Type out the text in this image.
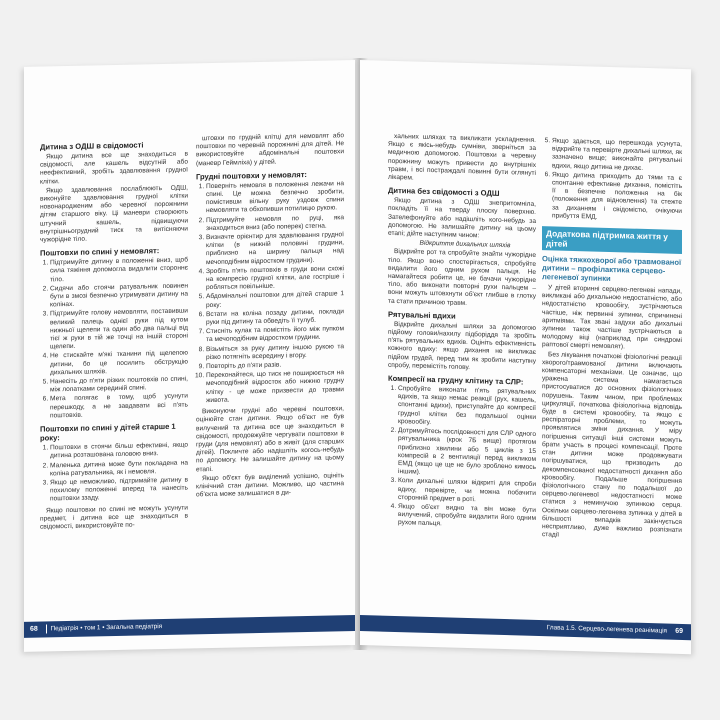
Дитина з ОДШ в свідомості

Якщо дитина все ще знаходиться в свідомості, але кашель відсутній або неефективний, зробіть здавлювання грудної клітки.

Якщо здавлювання послаблюють ОДШ, виконуйте здавлювання грудної клітки новонародженим або черевної порожнини дітям старшого віку. Ці маневри створюють штучний кашель, підвищуючи внутрішньогрудний тиск та витісняючи чужорідне тіло.

Поштовхи по спині у немовлят:
1. Підтримуйте дитину в положенні вниз, щоб сила тяжіння допомогла видалити стороннє тіло.
2. Сидячи або стоячи ратувальник повинен бути в змозі безпечно утримувати дитину на колінах.
3. Підтримуйте голову немовляти, поставивши великий палець однієї руки під кутом нижньої щелепи та один або два пальці від тієї ж руки в тій же точці на іншій стороні щелепи.
4. Не стискайте м'які тканини під щелепою дитини, бо це посилить обструкцію дихальних шляхів.
5. Нанесіть до п'яти різких поштовхів по спині, між лопатками серединій спині.
6. Мета полягає в тому, щоб усунути перешкоду, а не завдавати всі п'ять поштовхів.
Поштовхи по спині у дітей старше 1 року:
1. Поштовхи в стоячи більш ефективні, якщо дитина розташована головою вниз.
2. Маленька дитина може бути покладена на коліна ратувальника, як і немовля.
3. Якщо це неможливо, підтримайте дитину в похилому положенні вперед та нанесіть поштовхи ззаду.

Якщо поштовхи по спині не можуть усунути предмет, і дитина все ще знаходиться в свідомості, використовуйте по-

штовхи по грудній клітці для немовлят або поштовхи по черевній порожнині для дітей. Не використовуйте абдомінальні поштовхи (маневр Геймліха) у дітей.

Грудні поштовхи у немовлят:
1. Поверніть немовля в положення лежачи на спині. Це можна безпечно зробити, помістивши вільну руку уздовж спини немовляти та обхопивши потилицю рукою.
2. Підтримуйте немовля по руці, яка знаходиться вниз (або поперек) стегна.
3. Визначте орієнтир для здавлювання грудної клітки (в нижній половині грудини, приблизно на ширину пальця над мечоподібним відростком грудини).
4. Зробіть п'ять поштовхів в груди вони схожі на компресію грудної клітки, але гостріше і робляться повільніше.
5. Абдомінальні поштовхи для дітей старше 1 року:
6. Встати на коліна позаду дитини, поклади руки під дитину та обведіть її тулуб.
7. Стисніть кулак та помістіть його між пупком та мечоподібним відростком грудини.
8. Візьміться за руку дитину іншою рукою та різко потягніть всередину і вгору.
9. Повторіть до п'яти разів.
10. Переконайтеся, що тиск не поширюється на мечоподібний відросток або нижню грудну клітку - це може призвести до травми живота.

Виконуючи грудні або черевні поштовхи, оцінюйте стан дитини. Якщо об'єкт не був вилучений та дитина все ще знаходиться в свідомості, продовжуйте чергувати поштовхи в груди (для немовлят) або в живіт (для старших дітей). Покличте або надішліть когось-небудь по допомогу. Не залишайте дитину на цьому етапі.

Якщо об'єкт був виділений успішно, оцініть клінічний стан дитини. Можливо, що частина об'єкта може залишатися в ди-

68 Педіатрія • том 1 • Загальна педіатрія

хальних шляхах та викликати ускладнення. Якщо є якісь-небудь сумніви, зверніться за медичною допомогою. Поштовхи в черевну порожнину можуть привести до внутрішніх травм, і всі постраждалі повинні бути оглянуті лікарем.

Дитина без свідомості з ОДШ

Якщо дитина з ОДШ знепритомніла, покладіть її на тверду плоску поверхню. Зателефонуйте або надішліть кого-небудь за допомогою. Не залишайте дитину на цьому етапі; дійте наступним чином:

Відкриття дихальних шляхів

Відкрийте рот та спробуйте знайти чужорідне тіло. Якщо воно спостерігається, спробуйте видалити його одним рухом пальця. Не намагайтеся робити це, не бачачи чужорідне тіло, або виконати повторні рухи пальцем – вони можуть штовхнути об'єкт глибше в глотку та стати причиною травм.

Рятувальні вдихи

Відкрийте дихальні шляхи за допомогою підйому голови/нахилу підборіддя та зробіть п'ять рятувальних вдихів. Оцініть ефективність кожного вдиху: якщо дихання не викликає підйом грудей, перед тим як зробити наступну спробу, перемістіть голову.

Компресії на грудну клітину та СЛР:
1. Спробуйте виконати п'ять рятувальних вдихів, та якщо немає реакції (рух, кашель, спонтанні вдихи), приступайте до компресії грудної клітки без подальшої оцінки кровообігу.
2. Дотримуйтесь послідовності для СЛР одного рятувальника (крок 7Б вище) протягом приблизно хвилини або 5 циклів з 15 компресій в 2 вентиляції перед викликом ЕМД (якщо це ще не було зроблено кимось іншим).
3. Коли дихальні шляхи відкриті для спроби вдиху, перевірте, чи можна побачити сторонній предмет в роті.
4. Якщо об'єкт видно та він може бути вилучений, спробуйте видалити його одним рухом пальця.
5. Якщо здається, що перешкода усунута, відкрийте та перевірте дихальні шляхи, як зазначено вище; виконайте рятувальні вдихи, якщо дитина не дихає.
6. Якщо дитина приходить до тями та є спонтанне ефективне дихання, помістіть її в безпечне положення на бік (положення для відновлення) та стежте за диханням і свідомістю, очікуючи прибуття ЕМД.
Додаткова підтримка життя у дітей
Оцінка тяжкохворої або травмованої дитини – профілактика серцево-легеневої зупинки

У дітей вторинні серцево-легеневі напади, викликані або дихальною недостатністю, або недостатністю кровообігу, зустрічаються частіше, ніж первинні зупинки, спричинені аритміями. Так звані задухи або дихальні зупинки також частіше зустрічаються в молодому віці (наприклад при синдромі раптової смерті немовлят).

Без лікування початкові фізіологічні реакції хворого/травмованої дитини включають компенсаторні механізми. Це означає, що уражена система намагається пристосуватися до основних фізіологічних порушень. Таким чином, при проблемах циркуляції, початкова фізіологічна відповідь буде в системі кровообігу, та якщо є респіраторні проблеми, то можуть проявлятися зміни дихання. У міру погіршення ситуації інші системи можуть брати участь в процесі компенсації. Проте стан дитини може продовжувати погіршуватися, що призводить до декомпенсованої недостатності дихання або кровообігу. Подальше погіршення фізіологічного стану по подальшої до серцево-легеневої недостатності може статися з неминучою зупинкою серця. Оскільки серцево-легенева зупинка у дітей в більшості випадків закінчується несприятливо, дуже важливо розпізнати стадії

Глава 1.5. Серцево-легенева реанімація	69
